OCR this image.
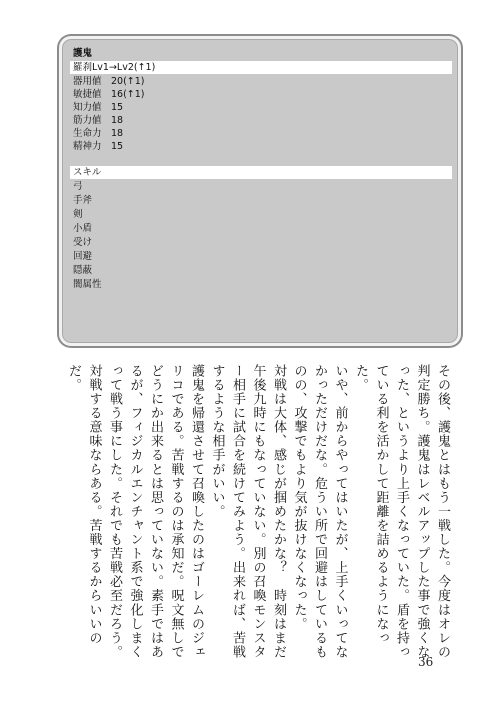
護鬼
羅刹Lv1→Lv2(↑1)
器用値 20(↑1)
敏捷値 16(↑1)
知力値 15
筋力値 18
生命力 18
精神力 15
スキル
弓
手斧
剣
小盾
受け
回避
隠蔽
闇属性

その後、護鬼とはもう一戦した。今度はオレの判定勝ち。護鬼はレベルアップした事で強くなった、というより上手くなっていた。盾を持っている利を活かして距離を詰めるようになった。

いや、前からやってはいたが、上手くいってなかっただけだな。危うい所で回避はしているものの、攻撃でもより気が抜けなくなった。

対戦は大体、感じが掴めたかな？　時刻はまだ午後九時にもなっていない。別の召喚モンスター相手に試合を続けてみよう。出来れば、苦戦するような相手がいい。

護鬼を帰還させて召喚したのはゴーレムのジェリコである。苦戦するのは承知だ。呪文無しでどうにか出来るとは思っていない。素手ではあるが、フィジカルエンチャント系で強化しまくって戦う事にした。それでも苦戦必至だろう。対戦する意味ならある。苦戦するからいいのだ。

36
